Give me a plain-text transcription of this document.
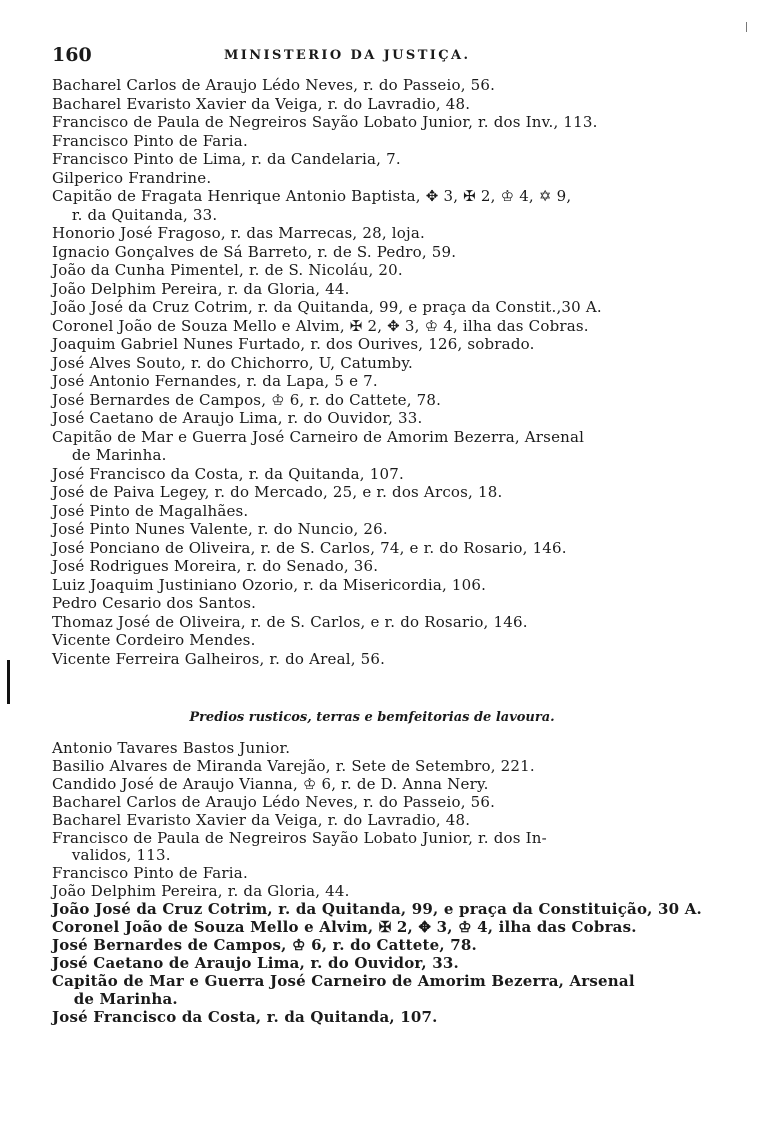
160	MINISTERIO DA JUSTIÇA.
Bacharel Carlos de Araujo Lédo Neves, r. do Passeio, 56.
Bacharel Evaristo Xavier da Veiga, r. do Lavradio, 48.
Francisco de Paula de Negreiros Sayão Lobato Junior, r. dos Inv., 113.
Francisco Pinto de Faria.
Francisco Pinto de Lima, r. da Candelaria, 7.
Gilperico Frandrine.
Capitão de Fragata Henrique Antonio Baptista, ✥ 3, ✠ 2, ♔ 4, ✡ 9,
r. da Quitanda, 33.
Honorio José Fragoso, r. das Marrecas, 28, loja.
Ignacio Gonçalves de Sá Barreto, r. de S. Pedro, 59.
João da Cunha Pimentel, r. de S. Nicoláu, 20.
João Delphim Pereira, r. da Gloria, 44.
João José da Cruz Cotrim, r. da Quitanda, 99, e praça da Constit.,30 A.
Coronel João de Souza Mello e Alvim, ✠ 2, ✥ 3, ♔ 4, ilha das Cobras.
Joaquim Gabriel Nunes Furtado, r. dos Ourives, 126, sobrado.
José Alves Souto, r. do Chichorro, U, Catumby.
José Antonio Fernandes, r. da Lapa, 5 e 7.
José Bernardes de Campos, ♔ 6, r. do Cattete, 78.
José Caetano de Araujo Lima, r. do Ouvidor, 33.
Capitão de Mar e Guerra José Carneiro de Amorim Bezerra, Arsenal
de Marinha.
José Francisco da Costa, r. da Quitanda, 107.
José de Paiva Legey, r. do Mercado, 25, e r. dos Arcos, 18.
José Pinto de Magalhães.
José Pinto Nunes Valente, r. do Nuncio, 26.
José Ponciano de Oliveira, r. de S. Carlos, 74, e r. do Rosario, 146.
José Rodrigues Moreira, r. do Senado, 36.
Luiz Joaquim Justiniano Ozorio, r. da Misericordia, 106.
Pedro Cesario dos Santos.
Thomaz José de Oliveira, r. de S. Carlos, e r. do Rosario, 146.
Vicente Cordeiro Mendes.
Vicente Ferreira Galheiros, r. do Areal, 56.
Predios rusticos, terras e bemfeitorias de lavoura.
Antonio Tavares Bastos Junior.
Basilio Alvares de Miranda Varejão, r. Sete de Setembro, 221.
Candido José de Araujo Vianna, ♔ 6, r. de D. Anna Nery.
Bacharel Carlos de Araujo Lédo Neves, r. do Passeio, 56.
Bacharel Evaristo Xavier da Veiga, r. do Lavradio, 48.
Francisco de Paula de Negreiros Sayão Lobato Junior, r. dos In-
validos, 113.
Francisco Pinto de Faria.
João Delphim Pereira, r. da Gloria, 44.
João José da Cruz Cotrim, r. da Quitanda, 99, e praça da Constituição, 30 A.
Coronel João de Souza Mello e Alvim, ✠ 2, ✥ 3, ♔ 4, ilha das Cobras.
José Bernardes de Campos, ♔ 6, r. do Cattete, 78.
José Caetano de Araujo Lima, r. do Ouvidor, 33.
Capitão de Mar e Guerra José Carneiro de Amorim Bezerra, Arsenal
de Marinha.
José Francisco da Costa, r. da Quitanda, 107.
